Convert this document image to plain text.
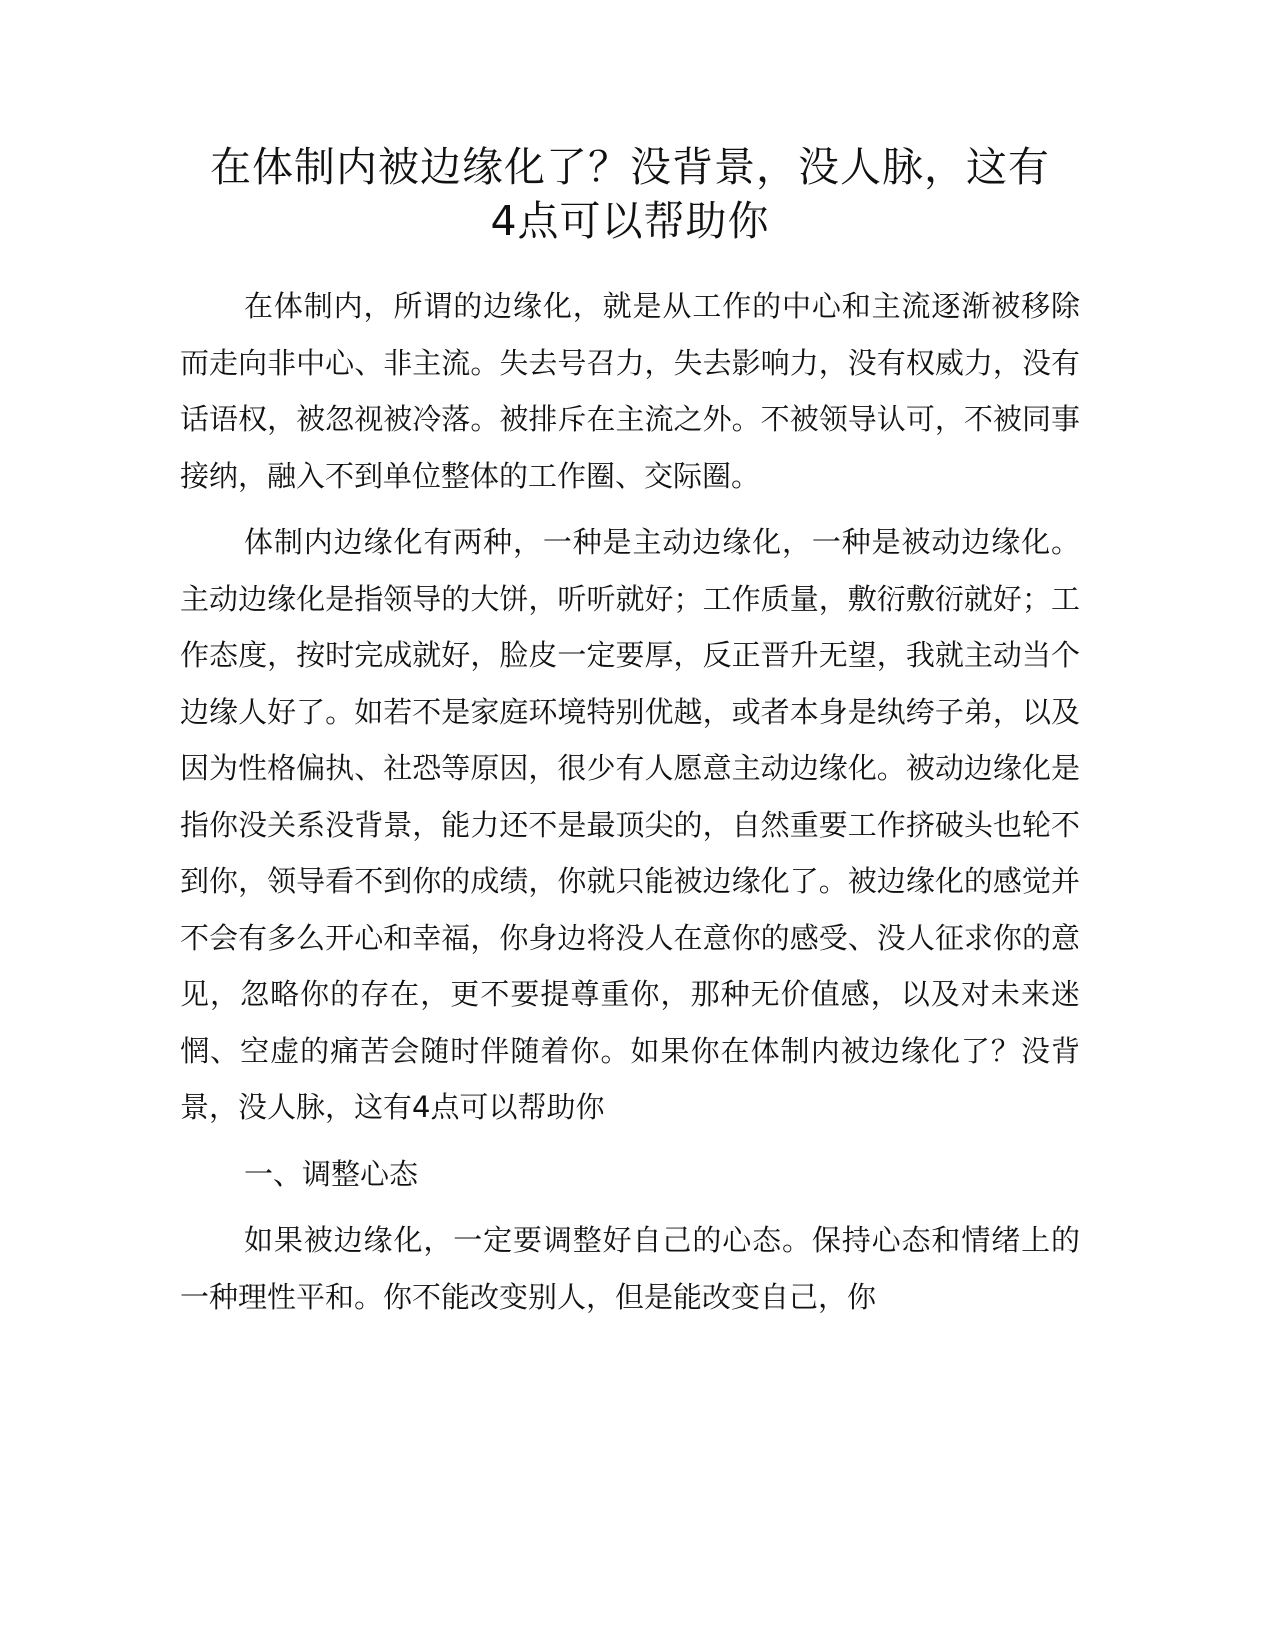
在体制内被边缘化了？没背景，没人脉，这有
4点可以帮助你

在体制内，所谓的边缘化，就是从工作的中心和主流逐渐被移除而走向非中心、非主流。失去号召力，失去影响力，没有权威力，没有话语权，被忽视被冷落。被排斥在主流之外。不被领导认可，不被同事接纳，融入不到单位整体的工作圈、交际圈。

体制内边缘化有两种，一种是主动边缘化，一种是被动边缘化。主动边缘化是指领导的大饼，听听就好；工作质量，敷衍敷衍就好；工作态度，按时完成就好，脸皮一定要厚，反正晋升无望，我就主动当个边缘人好了。如若不是家庭环境特别优越，或者本身是纨绔子弟，以及因为性格偏执、社恐等原因，很少有人愿意主动边缘化。被动边缘化是指你没关系没背景，能力还不是最顶尖的，自然重要工作挤破头也轮不到你，领导看不到你的成绩，你就只能被边缘化了。被边缘化的感觉并不会有多么开心和幸福，你身边将没人在意你的感受、没人征求你的意见，忽略你的存在，更不要提尊重你，那种无价值感，以及对未来迷惘、空虚的痛苦会随时伴随着你。如果你在体制内被边缘化了？没背景，没人脉，这有4点可以帮助你

一、调整心态

如果被边缘化，一定要调整好自己的心态。保持心态和情绪上的一种理性平和。你不能改变别人，但是能改变自己，你
